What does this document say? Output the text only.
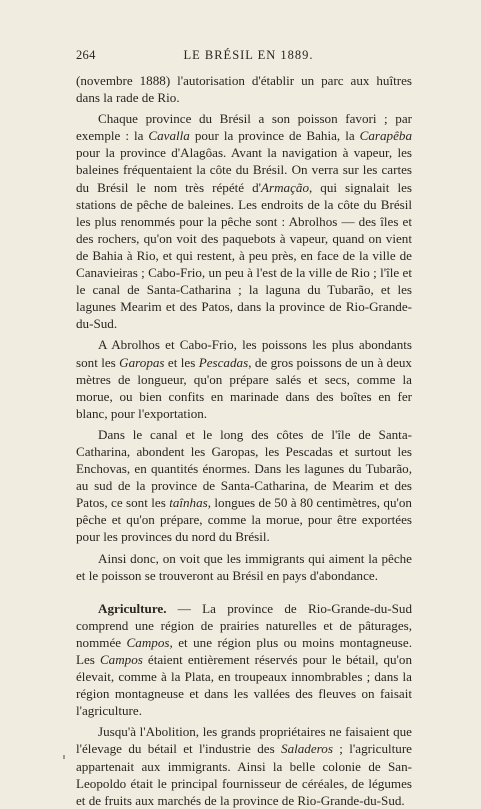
264	LE BRÉSIL EN 1889.

(novembre 1888) l'autorisation d'établir un parc aux huîtres dans la rade de Rio.

Chaque province du Brésil a son poisson favori ; par exemple : la Cavalla pour la province de Bahia, la Carapêba pour la province d'Alagôas. Avant la navigation à vapeur, les baleines fréquentaient la côte du Brésil. On verra sur les cartes du Brésil le nom très répété d'Armação, qui signalait les stations de pêche de baleines. Les endroits de la côte du Brésil les plus renommés pour la pêche sont : Abrolhos — des îles et des rochers, qu'on voit des paquebots à vapeur, quand on vient de Bahia à Rio, et qui restent, à peu près, en face de la ville de Canavieiras ; Cabo-Frio, un peu à l'est de la ville de Rio ; l'île et le canal de Santa-Catharina ; la laguna du Tubarão, et les lagunes Mearim et des Patos, dans la province de Rio-Grande-du-Sud.

A Abrolhos et Cabo-Frio, les poissons les plus abondants sont les Garopas et les Pescadas, de gros poissons de un à deux mètres de longueur, qu'on prépare salés et secs, comme la morue, ou bien confits en marinade dans des boîtes en fer blanc, pour l'exportation.

Dans le canal et le long des côtes de l'île de Santa-Catharina, abondent les Garopas, les Pescadas et surtout les Enchovas, en quantités énormes. Dans les lagunes du Tubarão, au sud de la province de Santa-Catharina, de Mearim et des Patos, ce sont les taînhas, longues de 50 à 80 centimètres, qu'on pêche et qu'on prépare, comme la morue, pour être exportées pour les provinces du nord du Brésil.

Ainsi donc, on voit que les immigrants qui aiment la pêche et le poisson se trouveront au Brésil en pays d'abondance.

Agriculture. — La province de Rio-Grande-du-Sud comprend une région de prairies naturelles et de pâturages, nommée Campos, et une région plus ou moins montagneuse. Les Campos étaient entièrement réservés pour le bétail, qu'on élevait, comme à la Plata, en troupeaux innombrables ; dans la région montagneuse et dans les vallées des fleuves on faisait l'agriculture.

Jusqu'à l'Abolition, les grands propriétaires ne faisaient que l'élevage du bétail et l'industrie des Saladeros ; l'agriculture appartenait aux immigrants. Ainsi la belle colonie de San-Leopoldo était le principal fournisseur de céréales, de légumes et de fruits aux marchés de la province de Rio-Grande-du-Sud.
